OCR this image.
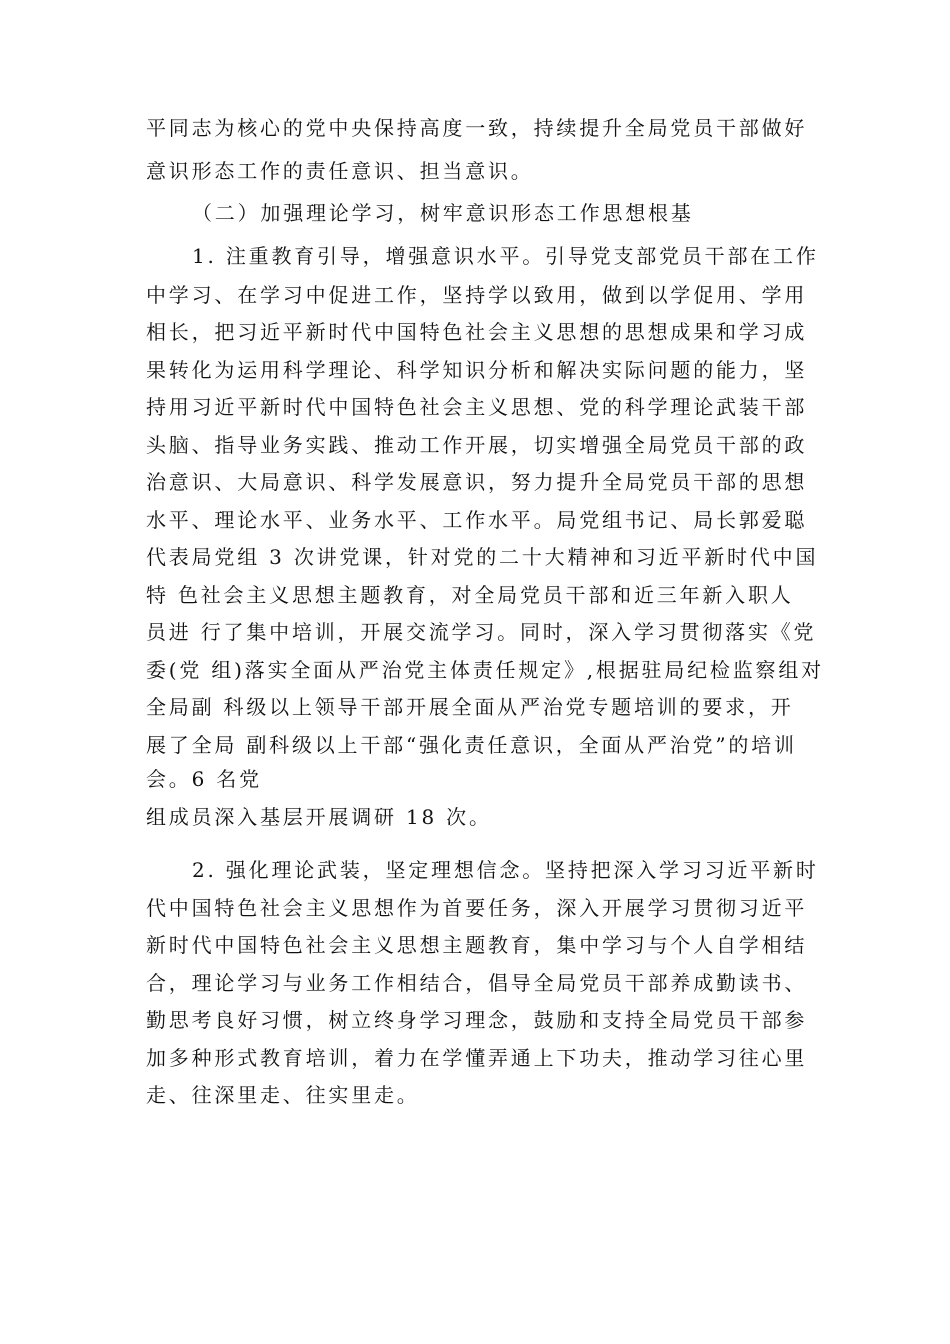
平同志为核心的党中央保持高度一致，持续提升全局党员干部做好
意识形态工作的责任意识、担当意识。
（二）加强理论学习，树牢意识形态工作思想根基
1. 注重教育引导，增强意识水平。引导党支部党员干部在工作
中学习、在学习中促进工作，坚持学以致用，做到以学促用、学用
相长，把习近平新时代中国特色社会主义思想的思想成果和学习成
果转化为运用科学理论、科学知识分析和解决实际问题的能力，坚
持用习近平新时代中国特色社会主义思想、党的科学理论武装干部
头脑、指导业务实践、推动工作开展，切实增强全局党员干部的政
治意识、大局意识、科学发展意识，努力提升全局党员干部的思想
水平、理论水平、业务水平、工作水平。局党组书记、局长郭爱聪
代表局党组 3 次讲党课，针对党的二十大精神和习近平新时代中国
特 色社会主义思想主题教育，对全局党员干部和近三年新入职人
员进 行了集中培训，开展交流学习。同时，深入学习贯彻落实《党
委(党 组)落实全面从严治党主体责任规定》,根据驻局纪检监察组对
全局副 科级以上领导干部开展全面从严治党专题培训的要求，开
展了全局 副科级以上干部“强化责任意识，全面从严治党”的培训
会。6 名党
组成员深入基层开展调研 18 次。
2. 强化理论武装，坚定理想信念。坚持把深入学习习近平新时
代中国特色社会主义思想作为首要任务，深入开展学习贯彻习近平
新时代中国特色社会主义思想主题教育，集中学习与个人自学相结
合，理论学习与业务工作相结合，倡导全局党员干部养成勤读书、
勤思考良好习惯，树立终身学习理念，鼓励和支持全局党员干部参
加多种形式教育培训，着力在学懂弄通上下功夫，推动学习往心里
走、往深里走、往实里走。
